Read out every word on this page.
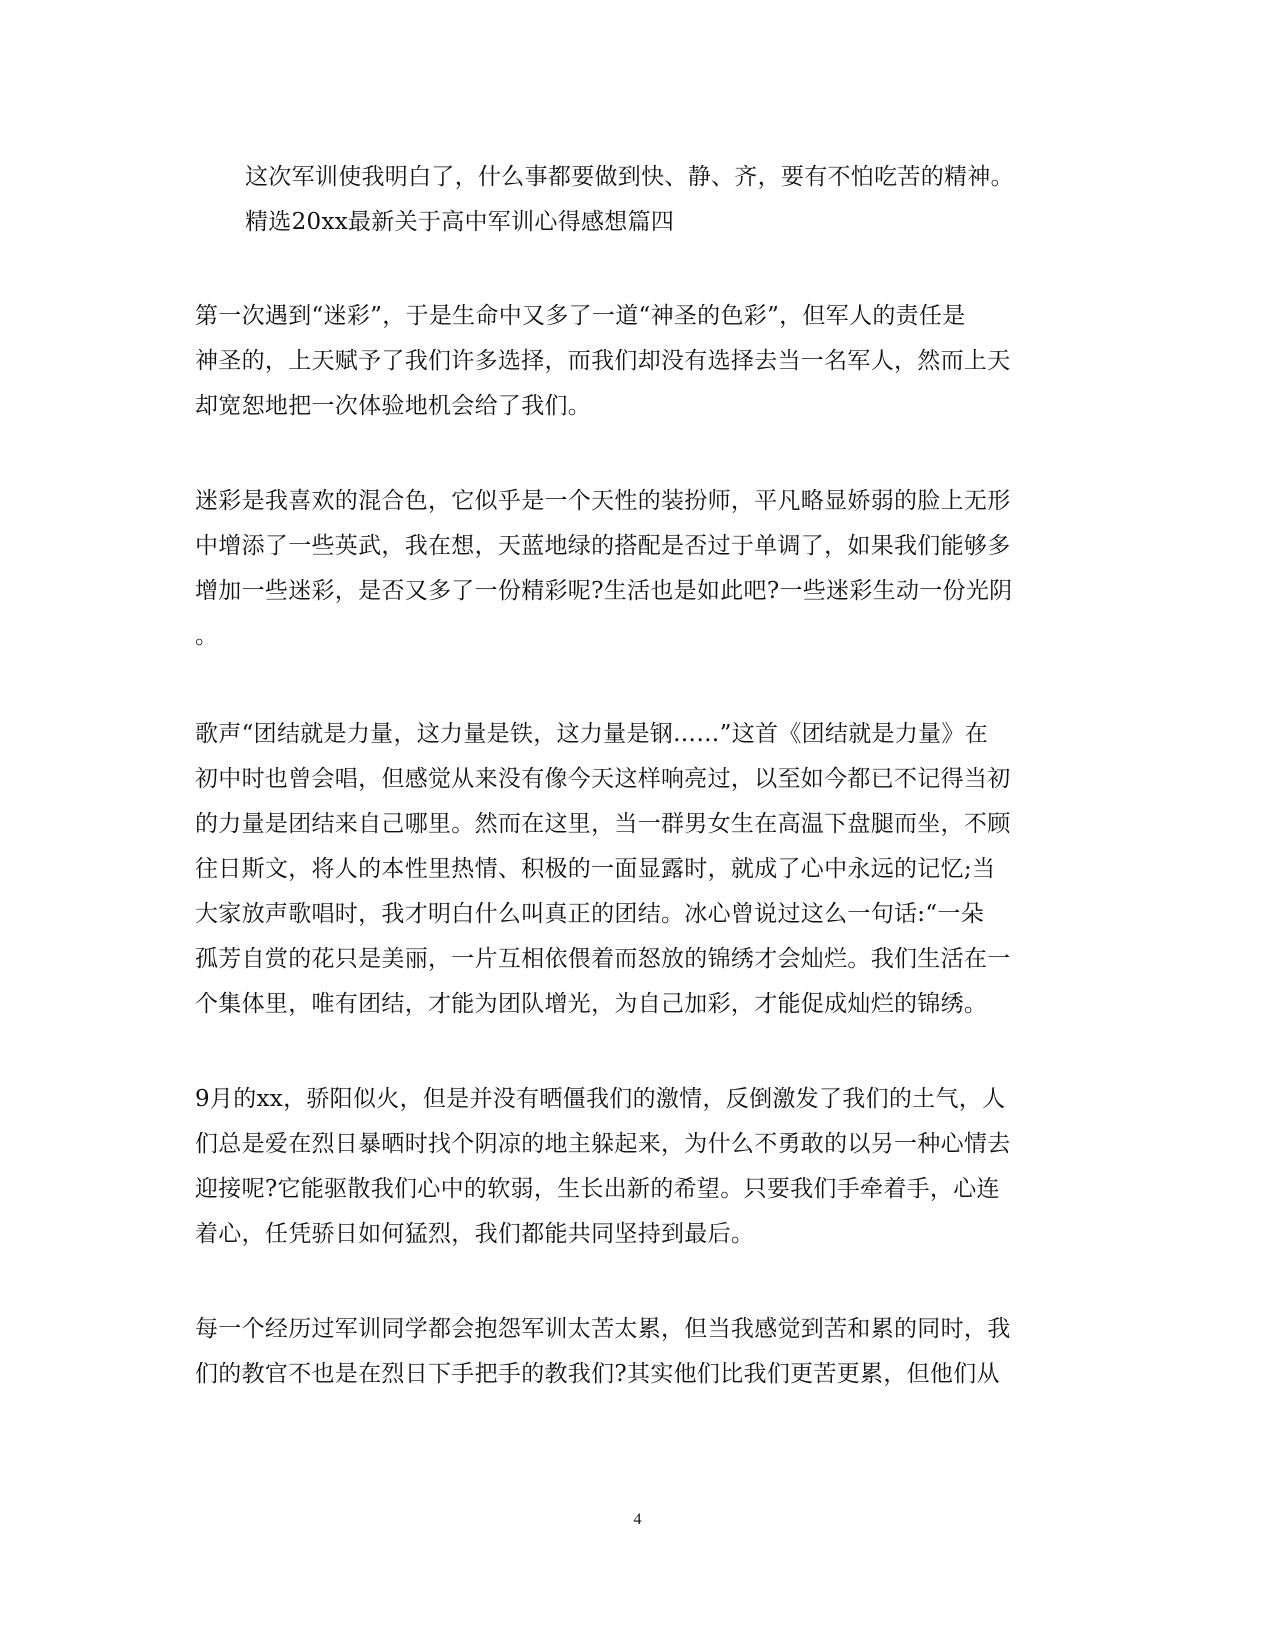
这次军训使我明白了，什么事都要做到快、静、齐，要有不怕吃苦的精神。
精选20xx最新关于高中军训心得感想篇四
第一次遇到“迷彩”，于是生命中又多了一道“神圣的色彩”，但军人的责任是
神圣的，上天赋予了我们许多选择，而我们却没有选择去当一名军人，然而上天
却宽恕地把一次体验地机会给了我们。
迷彩是我喜欢的混合色，它似乎是一个天性的装扮师，平凡略显娇弱的脸上无形
中增添了一些英武，我在想，天蓝地绿的搭配是否过于单调了，如果我们能够多
增加一些迷彩，是否又多了一份精彩呢?生活也是如此吧?一些迷彩生动一份光阴
。
歌声“团结就是力量，这力量是铁，这力量是钢……”这首《团结就是力量》在
初中时也曾会唱，但感觉从来没有像今天这样响亮过，以至如今都已不记得当初
的力量是团结来自己哪里。然而在这里，当一群男女生在高温下盘腿而坐，不顾
往日斯文，将人的本性里热情、积极的一面显露时，就成了心中永远的记忆;当
大家放声歌唱时，我才明白什么叫真正的团结。冰心曾说过这么一句话:“一朵
孤芳自赏的花只是美丽，一片互相依偎着而怒放的锦绣才会灿烂。我们生活在一
个集体里，唯有团结，才能为团队增光，为自己加彩，才能促成灿烂的锦绣。
9月的xx，骄阳似火，但是并没有晒僵我们的激情，反倒激发了我们的土气，人
们总是爱在烈日暴晒时找个阴凉的地主躲起来，为什么不勇敢的以另一种心情去
迎接呢?它能驱散我们心中的软弱，生长出新的希望。只要我们手牵着手，心连
着心，任凭骄日如何猛烈，我们都能共同坚持到最后。
每一个经历过军训同学都会抱怨军训太苦太累，但当我感觉到苦和累的同时，我
们的教官不也是在烈日下手把手的教我们?其实他们比我们更苦更累，但他们从
4
